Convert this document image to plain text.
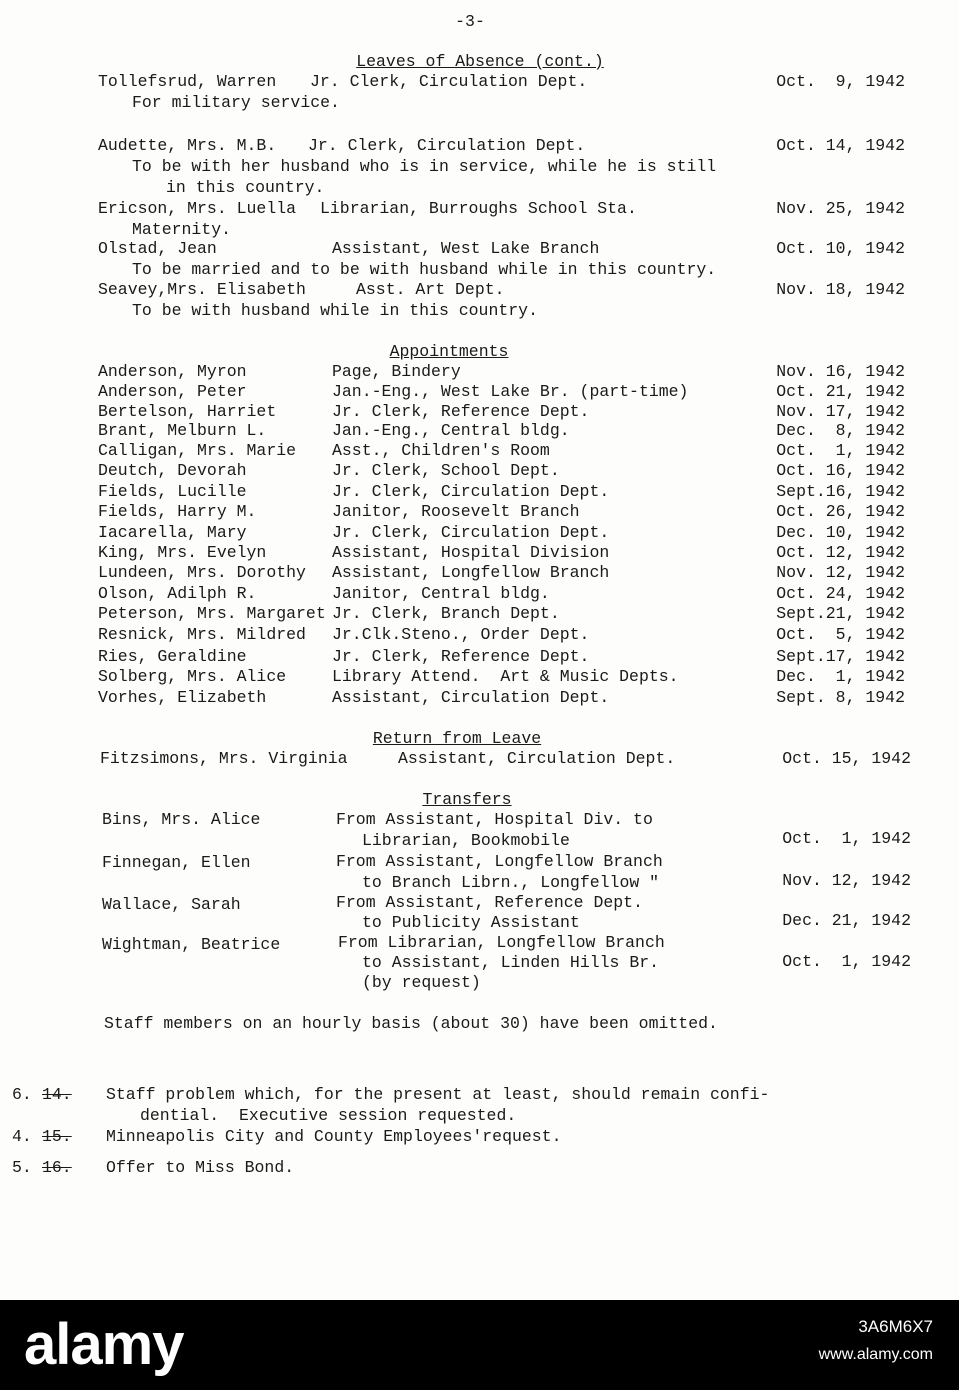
-3-
Leaves of Absence (cont.)
Tollefsrud, Warren Jr. Clerk, Circulation Dept.	Oct.  9, 1942
For military service.
Audette, Mrs. M.B. Jr. Clerk, Circulation Dept.	Oct. 14, 1942
To be with her husband who is in service, while he is still
in this country.
Ericson, Mrs. Luella Librarian, Burroughs School Sta.	Nov. 25, 1942
Maternity.
Olstad, Jean	Assistant, West Lake Branch	Oct. 10, 1942
To be married and to be with husband while in this country.
Seavey,Mrs. Elisabeth	Asst. Art Dept.	Nov. 18, 1942
To be with husband while in this country.
Appointments
Anderson, Myron	Page, Bindery	Nov. 16, 1942
Anderson, Peter	Jan.-Eng., West Lake Br. (part-time)	Oct. 21, 1942
Bertelson, Harriet	Jr. Clerk, Reference Dept.	Nov. 17, 1942
Brant, Melburn L.	Jan.-Eng., Central bldg.	Dec.  8, 1942
Calligan, Mrs. Marie Asst., Children's Room	Oct.  1, 1942
Deutch, Devorah	Jr. Clerk, School Dept.	Oct. 16, 1942
Fields, Lucille	Jr. Clerk, Circulation Dept.	Sept.16, 1942
Fields, Harry M.	Janitor, Roosevelt Branch	Oct. 26, 1942
Iacarella, Mary	Jr. Clerk, Circulation Dept.	Dec. 10, 1942
King, Mrs. Evelyn	Assistant, Hospital Division	Oct. 12, 1942
Lundeen, Mrs. Dorothy Assistant, Longfellow Branch	Nov. 12, 1942
Olson, Adilph R.	Janitor, Central bldg.	Oct. 24, 1942
Peterson, Mrs. Margaret Jr. Clerk, Branch Dept.	Sept.21, 1942
Resnick, Mrs. Mildred Jr.Clk.Steno., Order Dept.	Oct.  5, 1942
Ries, Geraldine	Jr. Clerk, Reference Dept.	Sept.17, 1942
Solberg, Mrs. Alice	Library Attend.  Art & Music Depts.	Dec.  1, 1942
Vorhes, Elizabeth	Assistant, Circulation Dept.	Sept. 8, 1942
Return from Leave
Fitzsimons, Mrs. Virginia	Assistant, Circulation Dept.	Oct. 15, 1942
Transfers
Bins, Mrs. Alice	From Assistant, Hospital Div. to
Librarian, Bookmobile	Oct.  1, 1942
Finnegan, Ellen	From Assistant, Longfellow Branch
to Branch Librn., Longfellow "	Nov. 12, 1942
Wallace, Sarah	From Assistant, Reference Dept.
to Publicity Assistant	Dec. 21, 1942
Wightman, Beatrice	From Librarian, Longfellow Branch
to Assistant, Linden Hills Br.
(by request)
Oct.  1, 1942
Staff members on an hourly basis (about 30) have been omitted.
6. 14. Staff problem which, for the present at least, should remain confi-
dential.  Executive session requested.
4. 15. Minneapolis City and County Employees'request.
5. 16. Offer to Miss Bond.
alamy	3A6M6X7
www.alamy.com
